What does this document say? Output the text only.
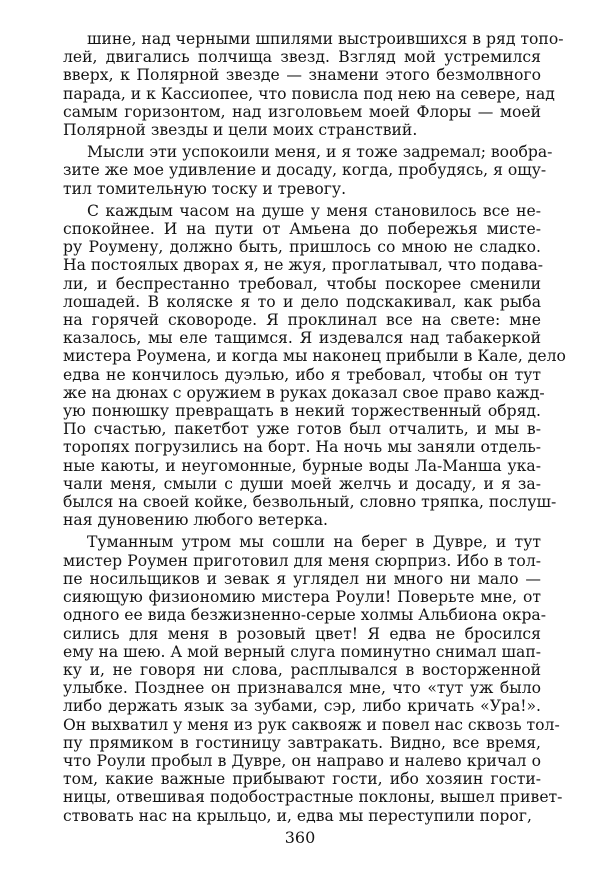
шине, над черными шпилями выстроившихся в ряд топо-
лей, двигались полчища звезд. Взгляд мой устремился
вверх, к Полярной звезде — знамени этого безмолвного
парада, и к Кассиопее, что повисла под нею на севере, над
самым горизонтом, над изголовьем моей Флоры — моей
Полярной звезды и цели моих странствий.
Мысли эти успокоили меня, и я тоже задремал; вообра-
зите же мое удивление и досаду, когда, пробудясь, я ощу-
тил томительную тоску и тревогу.
С каждым часом на душе у меня становилось все не-
спокойнее. И на пути от Амьена до побережья мисте-
ру Роумену, должно быть, пришлось со мною не сладко.
На постоялых дворах я, не жуя, проглатывал, что подава-
ли, и беспрестанно требовал, чтобы поскорее сменили
лошадей. В коляске я то и дело подскакивал, как рыба
на горячей сковороде. Я проклинал все на свете: мне
казалось, мы еле тащимся. Я издевался над табакеркой
мистера Роумена, и когда мы наконец прибыли в Кале, дело
едва не кончилось дуэлью, ибо я требовал, чтобы он тут
же на дюнах с оружием в руках доказал свое право кажд-
ую понюшку превращать в некий торжественный обряд.
По счастью, пакетбот уже готов был отчалить, и мы в-
торопях погрузились на борт. На ночь мы заняли отдель-
ные каюты, и неугомонные, бурные воды Ла-Манша ука-
чали меня, смыли с души моей желчь и досаду, и я за-
былся на своей койке, безвольный, словно тряпка, послуш-
ная дуновению любого ветерка.
Туманным утром мы сошли на берег в Дувре, и тут
мистер Роумен приготовил для меня сюрприз. Ибо в тол-
пе носильщиков и зевак я углядел ни много ни мало —
сияющую физиономию мистера Роули! Поверьте мне, от
одного ее вида безжизненно-серые холмы Альбиона окра-
сились для меня в розовый цвет! Я едва не бросился
ему на шею. А мой верный слуга поминутно снимал шап-
ку и, не говоря ни слова, расплывался в восторженной
улыбке. Позднее он признавался мне, что «тут уж было
либо держать язык за зубами, сэр, либо кричать «Ура!».
Он выхватил у меня из рук саквояж и повел нас сквозь тол-
пу прямиком в гостиницу завтракать. Видно, все время,
что Роули пробыл в Дувре, он направо и налево кричал о
том, какие важные прибывают гости, ибо хозяин гости-
ницы, отвешивая подобострастные поклоны, вышел привет-
ствовать нас на крыльцо, и, едва мы переступили порог,
360
